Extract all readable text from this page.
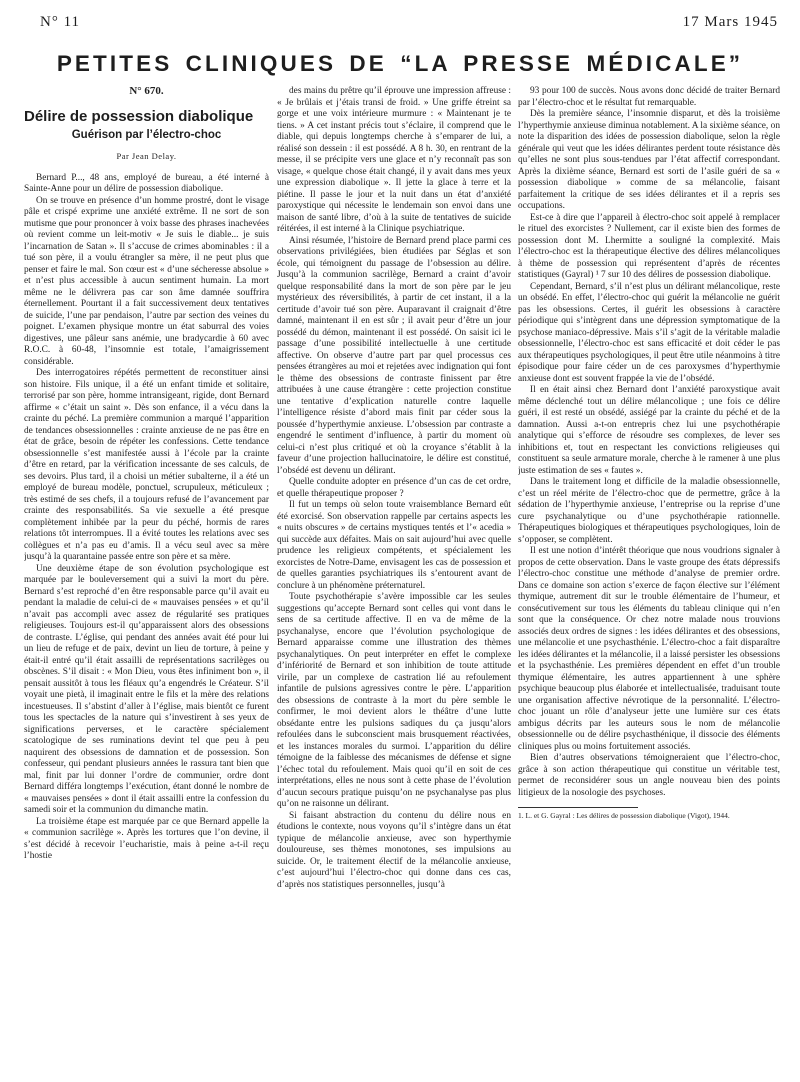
N° 11	17 Mars 1945
PETITES CLINIQUES DE “LA PRESSE MÉDICALE”
N° 670.
Délire de possession diabolique
Guérison par l’électro-choc
Par Jean Delay.

Bernard P..., 48 ans, employé de bureau, a été interné à Sainte-Anne pour un délire de possession diabolique.

On se trouve en présence d’un homme prostré, dont le visage pâle et crispé exprime une anxiété extrême. Il ne sort de son mutisme que pour prononcer à voix basse des phrases inachevées où revient comme un leit-motiv « Je suis le diable... je suis l’incarnation de Satan ». Il s’accuse de crimes abominables : il a tué son père, il a voulu étrangler sa mère, il ne peut plus que penser et faire le mal. Son cœur est « d’une sécheresse absolue » et n’est plus accessible à aucun sentiment humain. La mort même ne le délivrera pas car son âme damnée souffrira éternellement. Pourtant il a fait successivement deux tentatives de suicide, l’une par pendaison, l’autre par section des veines du poignet. L’examen physique montre un état saburral des voies digestives, une pâleur sans anémie, une bradycardie à 60 avec R.O.C. à 60-48, l’insomnie est totale, l’amaigrissement considérable.

Des interrogatoires répétés permettent de reconstituer ainsi son histoire. Fils unique, il a été un enfant timide et solitaire, terrorisé par son père, homme intransigeant, rigide, dont Bernard affirme « c’était un saint ». Dès son enfance, il a vécu dans la crainte du péché. La première communion a marqué l’apparition de tendances obsessionnelles : crainte anxieuse de ne pas être en état de grâce, besoin de répéter les confessions. Cette tendance obsessionnelle s’est manifestée aussi à l’école par la crainte d’être en retard, par la vérification incessante de ses calculs, de ses devoirs. Plus tard, il a choisi un métier subalterne, il a été un employé de bureau modèle, ponctuel, scrupuleux, méticuleux ; très estimé de ses chefs, il a toujours refusé de l’avancement par crainte des responsabilités. Sa vie sexuelle a été presque complètement inhibée par la peur du péché, hormis de rares relations tôt interrompues. Il a évité toutes les relations avec ses collègues et n’a pas eu d’amis. Il a vécu seul avec sa mère jusqu’à la quarantaine passée entre son père et sa mère.

Une deuxième étape de son évolution psychologique est marquée par le bouleversement qui a suivi la mort du père. Bernard s’est reproché d’en être responsable parce qu’il avait eu pendant la maladie de celui-ci de « mauvaises pensées » et qu’il n’avait pas accompli avec assez de régularité ses pratiques religieuses. Toujours est-il qu’apparaissent alors des obsessions de contraste. L’église, qui pendant des années avait été pour lui un lieu de refuge et de paix, devint un lieu de torture, à peine y était-il entré qu’il était assailli de représentations sacrilèges ou obscènes. S’il disait : « Mon Dieu, vous êtes infiniment bon », il pensait aussitôt à tous les fléaux qu’a engendrés le Créateur. S’il voyait une pietà, il imaginait entre le fils et la mère des relations incestueuses. Il s’abstint d’aller à l’église, mais bientôt ce furent tous les spectacles de la nature qui s’investirent à ses yeux de significations perverses, et le caractère spécialement scatologique de ses ruminations devint tel que peu à peu naquirent des obsessions de damnation et de possession. Son confesseur, qui pendant plusieurs années le rassura tant bien que mal, finit par lui donner l’ordre de communier, ordre dont Bernard différa longtemps l’exécution, étant donné le nombre de « mauvaises pensées » dont il était assailli entre la confession du samedi soir et la communion du dimanche matin.

La troisième étape est marquée par ce que Bernard appelle la « communion sacrilège ». Après les tortures que l’on devine, il s’est décidé à recevoir l’eucharistie, mais à peine a-t-il reçu l’hostie

des mains du prêtre qu’il éprouve une impression affreuse : « Je brûlais et j’étais transi de froid. » Une griffe étreint sa gorge et une voix intérieure murmure : « Maintenant je te tiens. » A cet instant précis tout s’éclaire, il comprend que le diable, qui depuis longtemps cherche à s’emparer de lui, a réalisé son dessein : il est possédé. A 8 h. 30, en rentrant de la messe, il se précipite vers une glace et n’y reconnaît pas son visage, « quelque chose était changé, il y avait dans mes yeux une expression diabolique ». Il jette la glace à terre et la piétine. Il passe le jour et la nuit dans un état d’anxiété paroxystique qui nécessite le lendemain son envoi dans une maison de santé libre, d’où à la suite de tentatives de suicide réitérées, il est interné à la Clinique psychiatrique.

Ainsi résumée, l’histoire de Bernard prend place parmi ces observations privilégiées, bien étudiées par Séglas et son école, qui témoignent du passage de l’obsession au délire. Jusqu’à la communion sacrilège, Bernard a craint d’avoir quelque responsabilité dans la mort de son père par le jeu mystérieux des réversibilités, à partir de cet instant, il a la certitude d’avoir tué son père. Auparavant il craignait d’être damné, maintenant il en est sûr ; il avait peur d’être un jour possédé du démon, maintenant il est possédé. On saisit ici le passage d’une possibilité intellectuelle à une certitude affective. On observe d’autre part par quel processus ces pensées étrangères au moi et rejetées avec indignation qui font le thème des obsessions de contraste finissent par être attribuées à une cause étrangère : cette projection constitue une tentative d’explication naturelle contre laquelle l’intelligence résiste d’abord mais finit par céder sous la poussée d’hyperthymie anxieuse. L’obsession par contraste a engendré le sentiment d’influence, à partir du moment où celui-ci n’est plus critiqué et où la croyance s’établit à la faveur d’une projection hallucinatoire, le délire est constitué, l’obsédé est devenu un délirant.

Quelle conduite adopter en présence d’un cas de cet ordre, et quelle thérapeutique proposer ?

Il fut un temps où selon toute vraisemblance Bernard eût été exorcisé. Son observation rappelle par certains aspects les « nuits obscures » de certains mystiques tentés et l’« acedia » qui succède aux défaites. Mais on sait aujourd’hui avec quelle prudence les religieux compétents, et spécialement les exorcistes de Notre-Dame, envisagent les cas de possession et de quelles garanties psychiatriques ils s’entourent avant de conclure à un phénomène préternaturel.

Toute psychothérapie s’avère impossible car les seules suggestions qu’accepte Bernard sont celles qui vont dans le sens de sa certitude affective. Il en va de même de la psychanalyse, encore que l’évolution psychologique de Bernard apparaisse comme une illustration des thèmes psychanalytiques. On peut interpréter en effet le complexe d’infériorité de Bernard et son inhibition de toute attitude virile, par un complexe de castration lié au refoulement infantile de pulsions agressives contre le père. L’apparition des obsessions de contraste à la mort du père semble le confirmer, le moi devient alors le théâtre d’une lutte obsédante entre les pulsions sadiques du ça jusqu’alors refoulées dans le subconscient mais brusquement réactivées, et les instances morales du surmoi. L’apparition du délire témoigne de la faiblesse des mécanismes de défense et signe l’échec total du refoulement. Mais quoi qu’il en soit de ces interprétations, elles ne nous sont à cette phase de l’évolution d’aucun secours pratique puisqu’on ne psychanalyse pas plus qu’on ne raisonne un délirant.

Si faisant abstraction du contenu du délire nous en étudions le contexte, nous voyons qu’il s’intègre dans un état typique de mélancolie anxieuse, avec son hyperthymie douloureuse, ses thèmes monotones, ses impulsions au suicide. Or, le traitement électif de la mélancolie anxieuse, c’est aujourd’hui l’électro-choc qui donne dans ces cas, d’après nos statistiques personnelles, jusqu’à

93 pour 100 de succès. Nous avons donc décidé de traiter Bernard par l’électro-choc et le résultat fut remarquable.

Dès la première séance, l’insomnie disparut, et dès la troisième l’hyperthymie anxieuse diminua notablement. A la sixième séance, on note la disparition des idées de possession diabolique, selon la règle générale qui veut que les idées délirantes perdent toute résistance dès qu’elles ne sont plus sous-tendues par l’état affectif correspondant. Après la dixième séance, Bernard est sorti de l’asile guéri de sa « possession diabolique » comme de sa mélancolie, faisant parfaitement la critique de ses idées délirantes et il a repris ses occupations.

Est-ce à dire que l’appareil à électro-choc soit appelé à remplacer le rituel des exorcistes ? Nullement, car il existe bien des formes de possession dont M. Lhermitte a souligné la complexité. Mais l’électro-choc est la thérapeutique élective des délires mélancoliques à thème de possession qui représentent d’après de récentes statistiques (Gayral) ¹ 7 sur 10 des délires de possession diabolique.

Cependant, Bernard, s’il n’est plus un délirant mélancolique, reste un obsédé. En effet, l’électro-choc qui guérit la mélancolie ne guérit pas les obsessions. Certes, il guérit les obsessions à caractère périodique qui s’intègrent dans une dépression symptomatique de la psychose maniaco-dépressive. Mais s’il s’agit de la véritable maladie obsessionnelle, l’électro-choc est sans efficacité et doit céder le pas aux thérapeutiques psychologiques, il peut être utile néanmoins à titre épisodique pour faire céder un de ces paroxysmes d’hyperthymie anxieuse dont est souvent frappée la vie de l’obsédé.

Il en était ainsi chez Bernard dont l’anxiété paroxystique avait même déclenché tout un délire mélancolique ; une fois ce délire guéri, il est resté un obsédé, assiégé par la crainte du péché et de la damnation. Aussi a-t-on entrepris chez lui une psychothérapie analytique qui s’efforce de résoudre ses complexes, de lever ses inhibitions et, tout en respectant les convictions religieuses qui constituent sa seule armature morale, cherche à le ramener à une plus juste estimation de ses « fautes ».

Dans le traitement long et difficile de la maladie obsessionnelle, c’est un réel mérite de l’électro-choc que de permettre, grâce à la sédation de l’hyperthymie anxieuse, l’entreprise ou la reprise d’une cure psychanalytique ou d’une psychothérapie rationnelle. Thérapeutiques biologiques et thérapeutiques psychologiques, loin de s’opposer, se complètent.

Il est une notion d’intérêt théorique que nous voudrions signaler à propos de cette observation. Dans le vaste groupe des états dépressifs l’électro-choc constitue une méthode d’analyse de premier ordre. Dans ce domaine son action s’exerce de façon élective sur l’élément thymique, autrement dit sur le trouble élémentaire de l’humeur, et consécutivement sur tous les éléments du tableau clinique qui n’en sont que la conséquence. Or chez notre malade nous trouvions associés deux ordres de signes : les idées délirantes et des obsessions, une mélancolie et une psychasthénie. L’électro-choc a fait disparaître les idées délirantes et la mélancolie, il a laissé persister les obsessions et la psychasthénie. Les premières dépendent en effet d’un trouble thymique élémentaire, les autres appartiennent à une sphère psychique beaucoup plus élaborée et intellectualisée, traduisant toute une organisation affective névrotique de la personnalité. L’électro-choc jouant un rôle d’analyseur jette une lumière sur ces états ambigus décrits par les auteurs sous le nom de mélancolie obsessionnelle ou de délire psychasthénique, il dissocie des éléments cliniques plus ou moins fortuitement associés.

Bien d’autres observations témoigneraient que l’électro-choc, grâce à son action thérapeutique qui constitue un véritable test, permet de reconsidérer sous un angle nouveau bien des points litigieux de la nosologie des psychoses.

1. L. et G. Gayral : Les délires de possession diabolique (Vigot), 1944.
